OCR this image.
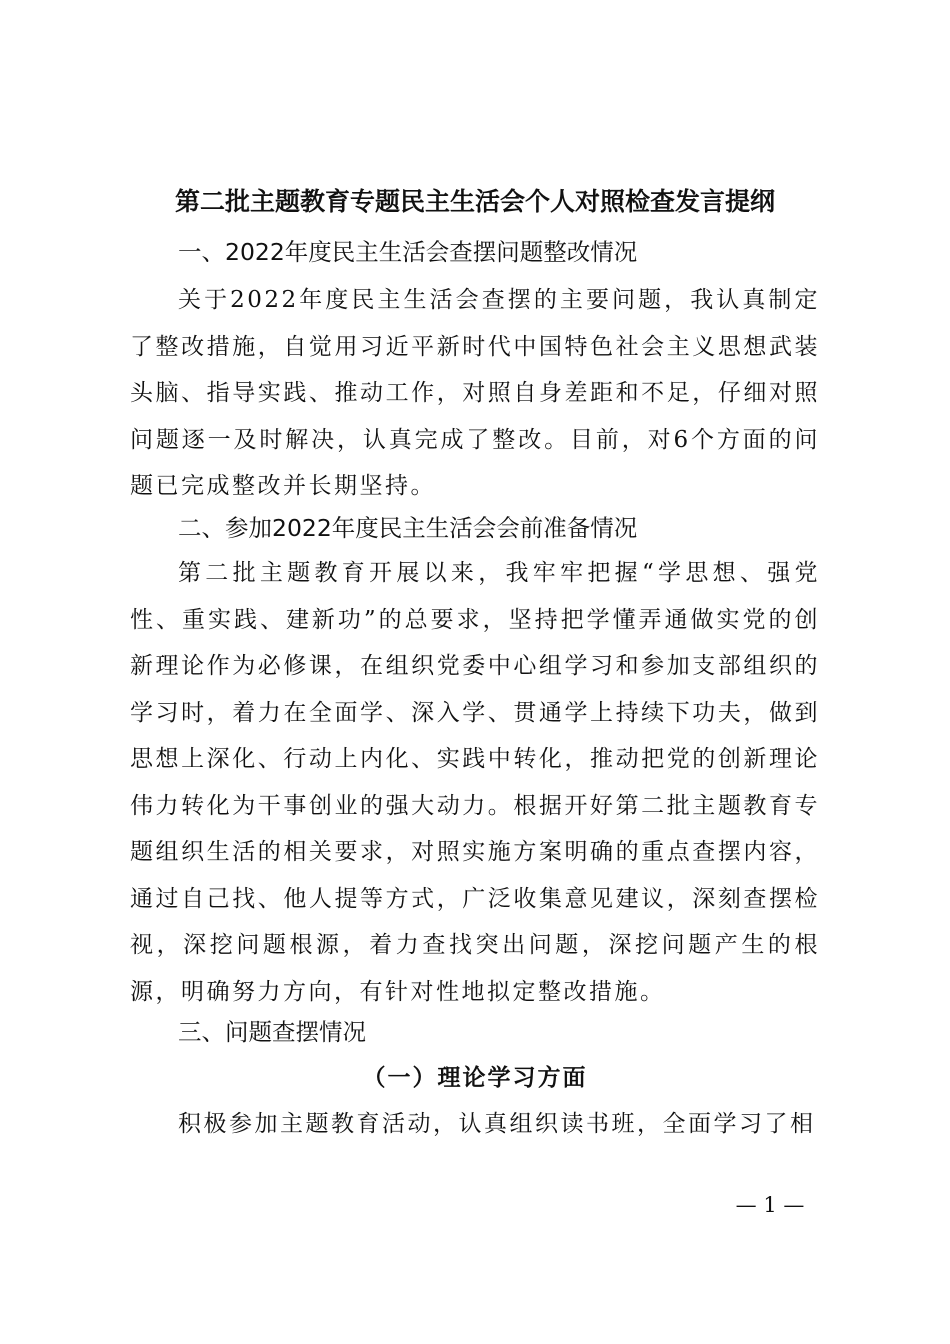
第二批主题教育专题民主生活会个人对照检查发言提纲
一、2022年度民主生活会查摆问题整改情况

关于2022年度民主生活会查摆的主要问题，我认真制定了整改措施，自觉用习近平新时代中国特色社会主义思想武装头脑、指导实践、推动工作，对照自身差距和不足，仔细对照问题逐一及时解决，认真完成了整改。目前，对6个方面的问题已完成整改并长期坚持。

二、参加2022年度民主生活会会前准备情况

第二批主题教育开展以来，我牢牢把握“学思想、强党性、重实践、建新功”的总要求，坚持把学懂弄通做实党的创新理论作为必修课，在组织党委中心组学习和参加支部组织的学习时，着力在全面学、深入学、贯通学上持续下功夫，做到思想上深化、行动上内化、实践中转化，推动把党的创新理论伟力转化为干事创业的强大动力。根据开好第二批主题教育专题组织生活的相关要求，对照实施方案明确的重点查摆内容，通过自己找、他人提等方式，广泛收集意见建议，深刻查摆检视，深挖问题根源，着力查找突出问题，深挖问题产生的根源，明确努力方向，有针对性地拟定整改措施。

三、问题查摆情况
（一）理论学习方面

积极参加主题教育活动，认真组织读书班，全面学习了相

— 1 —
